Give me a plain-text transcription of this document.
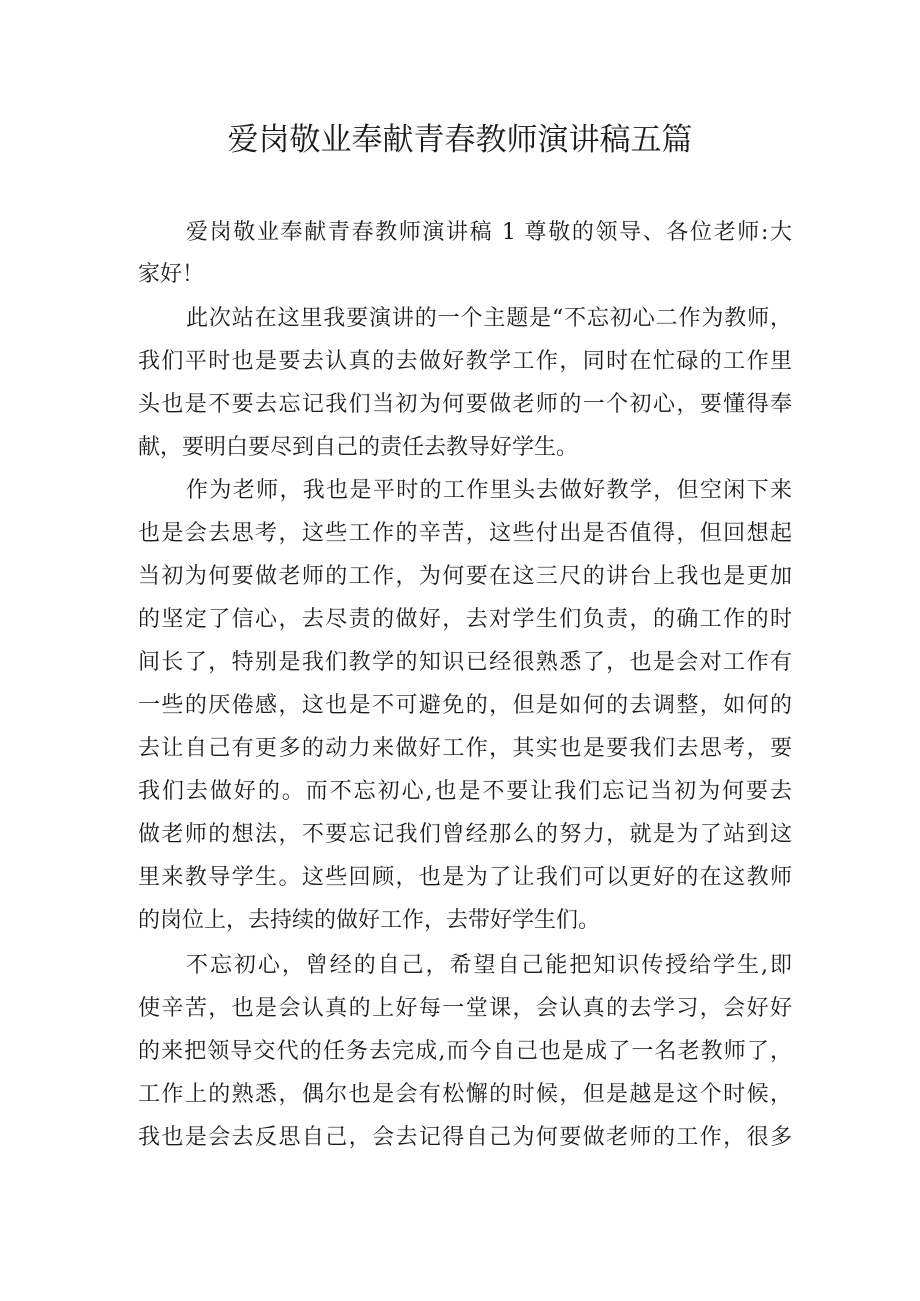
爱岗敬业奉献青春教师演讲稿五篇
爱岗敬业奉献青春教师演讲稿 1 尊敬的领导、各位老师:大
家好！
此次站在这里我要演讲的一个主题是“不忘初心二作为教师，
我们平时也是要去认真的去做好教学工作，同时在忙碌的工作里
头也是不要去忘记我们当初为何要做老师的一个初心，要懂得奉
献，要明白要尽到自己的责任去教导好学生。
作为老师，我也是平时的工作里头去做好教学，但空闲下来
也是会去思考，这些工作的辛苦，这些付出是否值得，但回想起
当初为何要做老师的工作，为何要在这三尺的讲台上我也是更加
的坚定了信心，去尽责的做好，去对学生们负责，的确工作的时
间长了，特别是我们教学的知识已经很熟悉了，也是会对工作有
一些的厌倦感，这也是不可避免的，但是如何的去调整，如何的
去让自己有更多的动力来做好工作，其实也是要我们去思考，要
我们去做好的。而不忘初心,也是不要让我们忘记当初为何要去
做老师的想法，不要忘记我们曾经那么的努力，就是为了站到这
里来教导学生。这些回顾，也是为了让我们可以更好的在这教师
的岗位上，去持续的做好工作，去带好学生们。
不忘初心，曾经的自己，希望自己能把知识传授给学生,即
使辛苦，也是会认真的上好每一堂课，会认真的去学习，会好好
的来把领导交代的任务去完成,而今自己也是成了一名老教师了，
工作上的熟悉，偶尔也是会有松懈的时候，但是越是这个时候，
我也是会去反思自己，会去记得自己为何要做老师的工作，很多
